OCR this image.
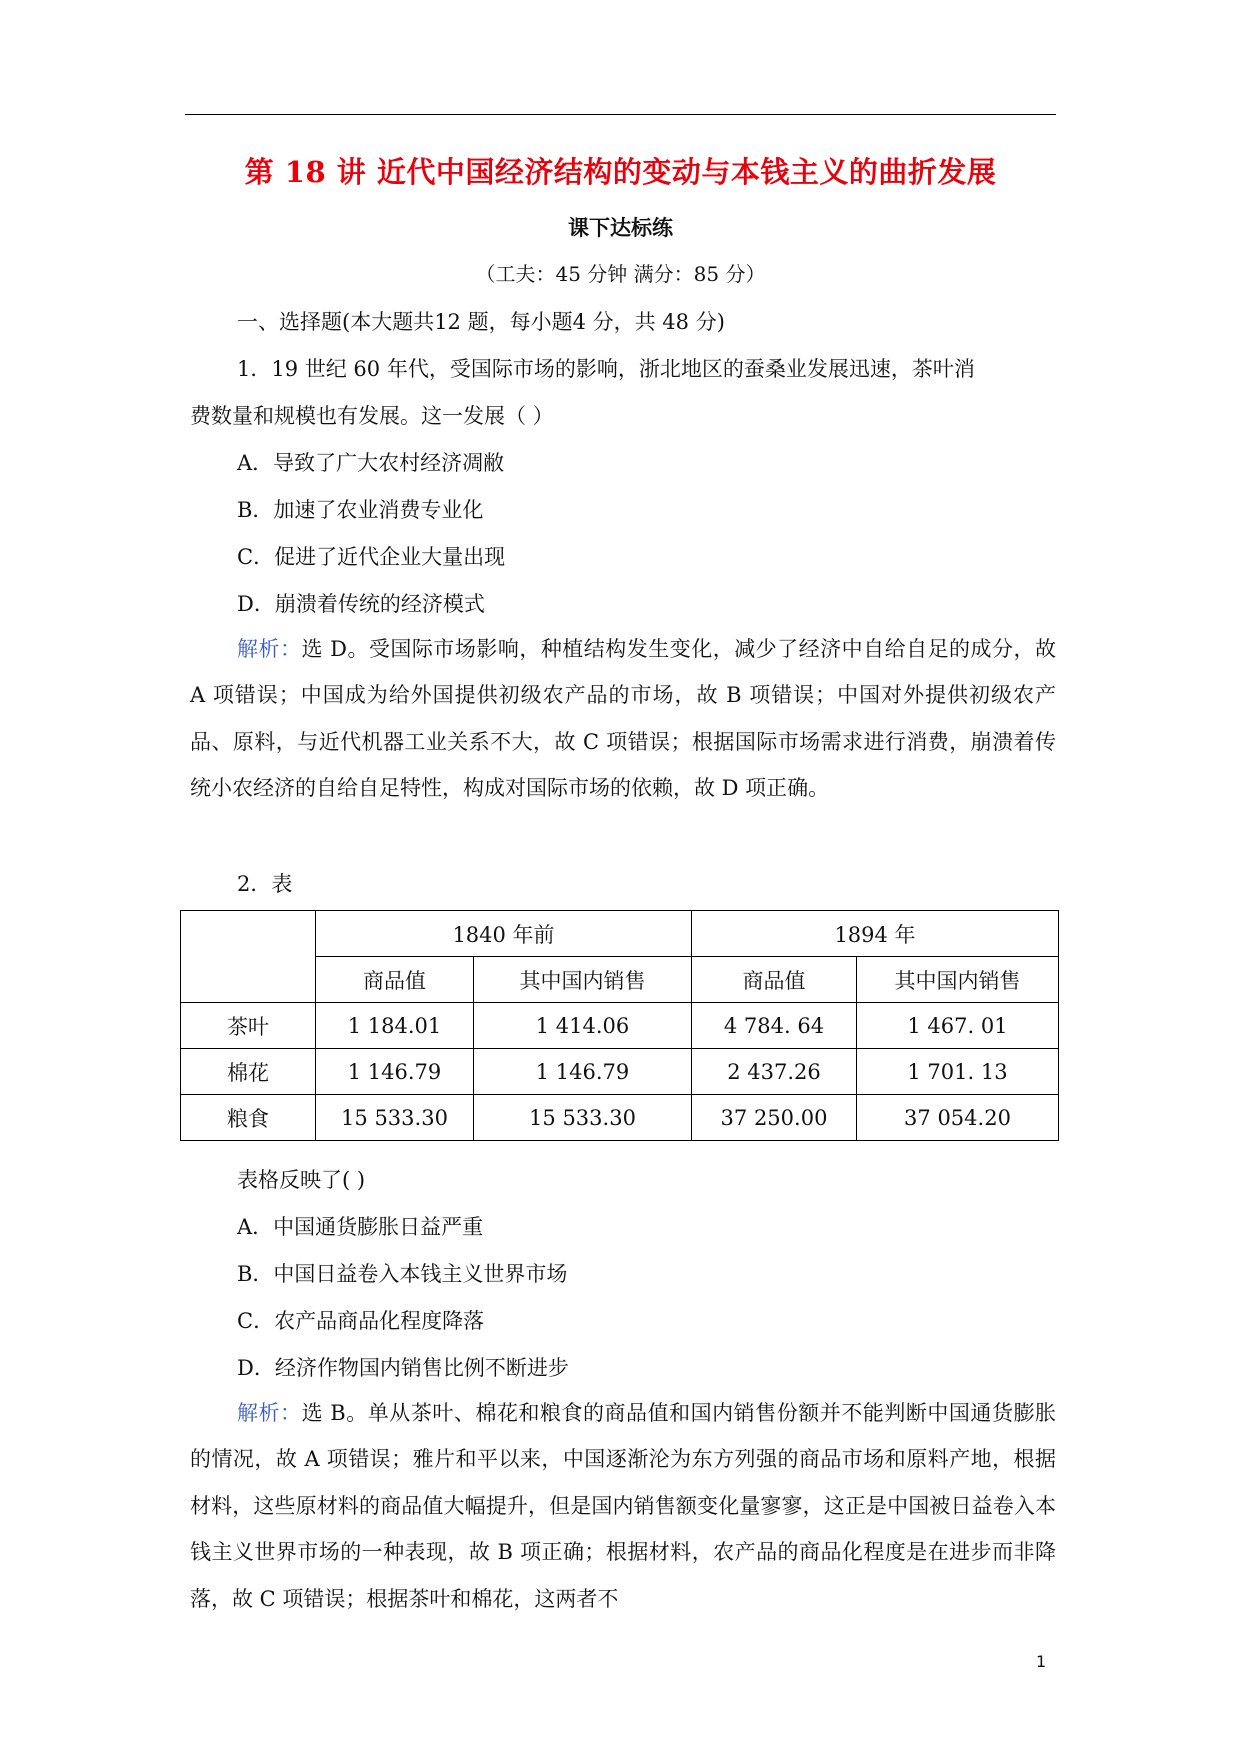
第 18 讲 近代中国经济结构的变动与本钱主义的曲折发展
课下达标练
（工夫：45 分钟 满分：85 分）
一、选择题(本大题共12 题，每小题4 分，共 48 分)
1．19 世纪 60 年代，受国际市场的影响，浙北地区的蚕桑业发展迅速，茶叶消
费数量和规模也有发展。这一发展（ ）
A．导致了广大农村经济凋敝
B．加速了农业消费专业化
C．促进了近代企业大量出现
D．崩溃着传统的经济模式
解析：选 D。受国际市场影响，种植结构发生变化，减少了经济中自给自足的成分，故 A 项错误；中国成为给外国提供初级农产品的市场，故 B 项错误；中国对外提供初级农产品、原料，与近代机器工业关系不大，故 C 项错误；根据国际市场需求进行消费，崩溃着传统小农经济的自给自足特性，构成对国际市场的依赖，故 D 项正确。
2．表
	1840 年前		1894 年	
	商品值	其中国内销售	商品值	其中国内销售
茶叶	1 184.01	1 414.06	4 784. 64	1 467. 01
棉花	1 146.79	1 146.79	2 437.26	1 701. 13
粮食	15 533.30	15 533.30	37 250.00	37 054.20
表格反映了( )
A．中国通货膨胀日益严重
B．中国日益卷入本钱主义世界市场
C．农产品商品化程度降落
D．经济作物国内销售比例不断进步
解析：选 B。单从茶叶、棉花和粮食的商品值和国内销售份额并不能判断中国通货膨胀的情况，故 A 项错误；雅片和平以来，中国逐渐沦为东方列强的商品市场和原料产地，根据材料，这些原材料的商品值大幅提升，但是国内销售额变化量寥寥，这正是中国被日益卷入本钱主义世界市场的一种表现，故 B 项正确；根据材料，农产品的商品化程度是在进步而非降落，故 C 项错误；根据茶叶和棉花，这两者不
1
